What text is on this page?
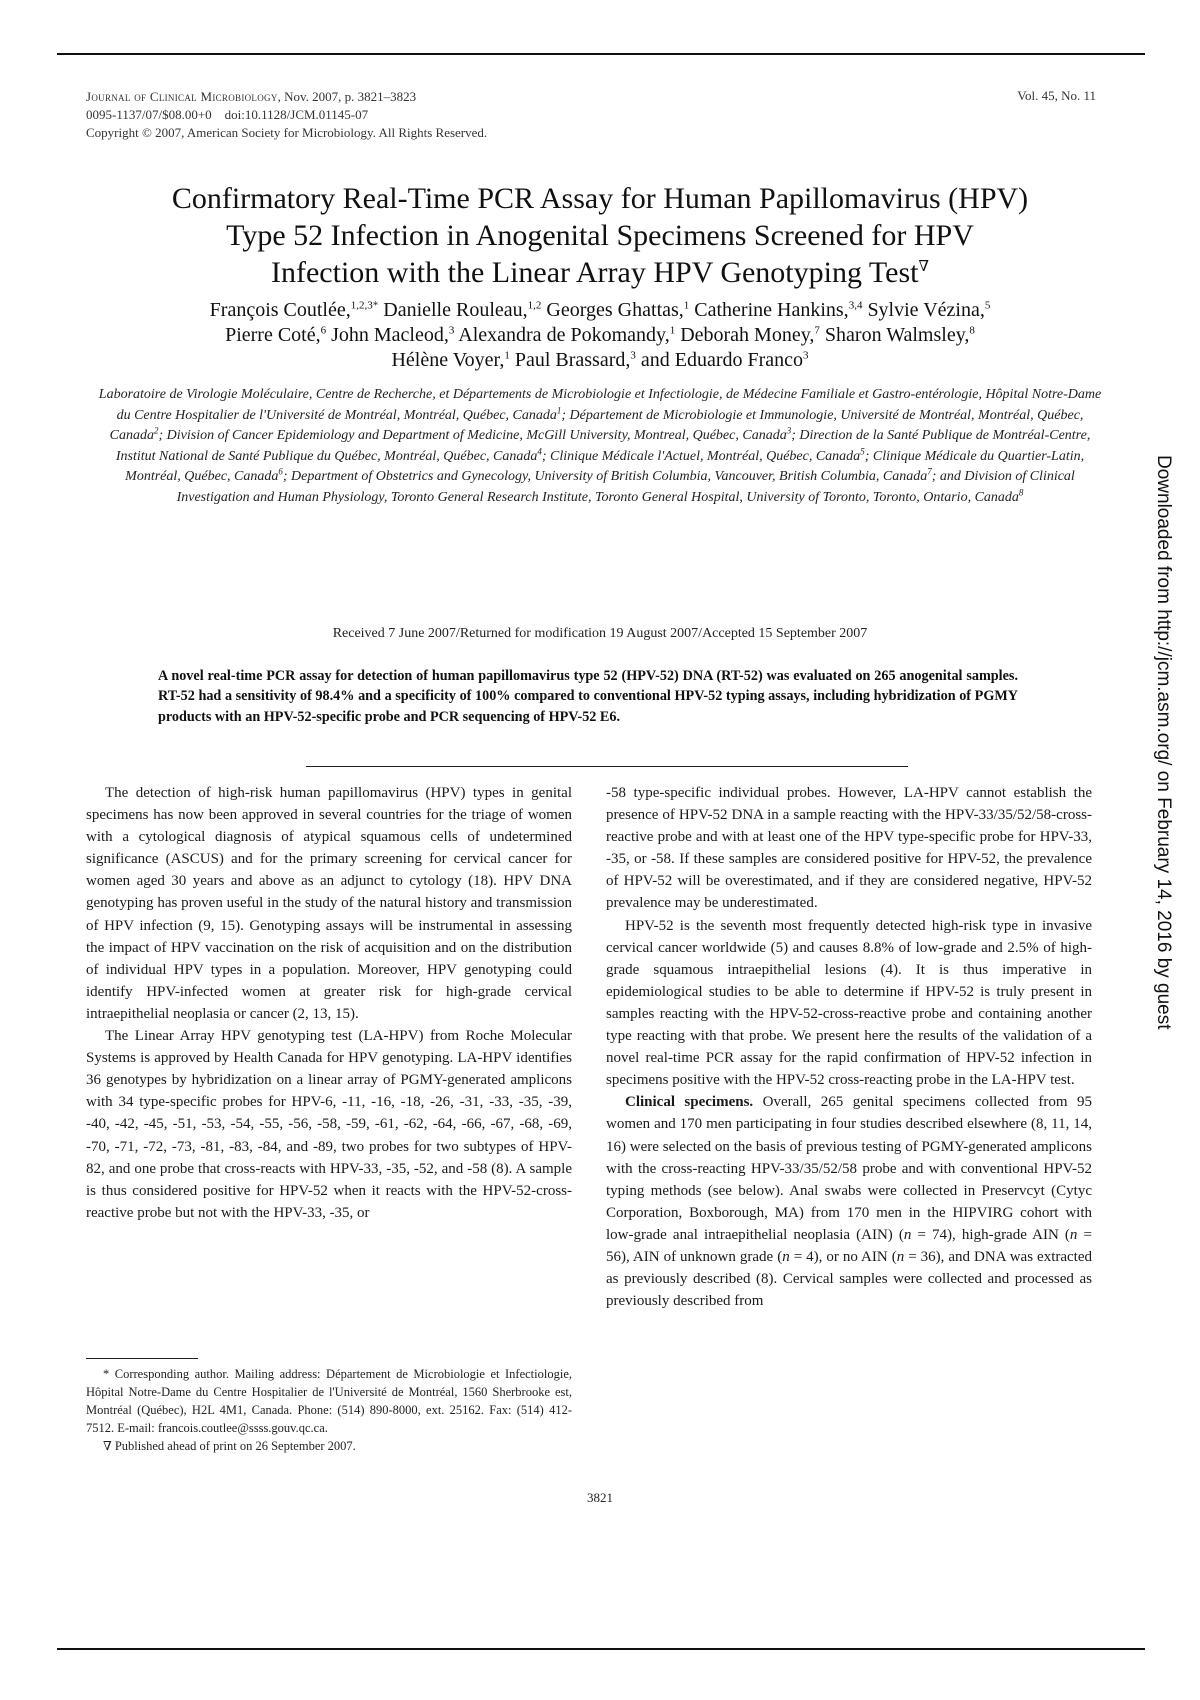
Journal of Clinical Microbiology, Nov. 2007, p. 3821–3823
0095-1137/07/$08.00+0    doi:10.1128/JCM.01145-07
Copyright © 2007, American Society for Microbiology. All Rights Reserved.
Vol. 45, No. 11
Confirmatory Real-Time PCR Assay for Human Papillomavirus (HPV)
Type 52 Infection in Anogenital Specimens Screened for HPV
Infection with the Linear Array HPV Genotyping Test∇
François Coutlée,$^{1,2,3*}$ Danielle Rouleau,$^{1,2}$ Georges Ghattas,$^1$ Catherine Hankins,$^{3,4}$ Sylvie Vézina,$^5$
Pierre Coté,$^6$ John Macleod,$^3$ Alexandra de Pokomandy,$^1$ Deborah Money,$^7$ Sharon Walmsley,$^8$
Hélène Voyer,$^1$ Paul Brassard,$^3$ and Eduardo Franco$^3$
Laboratoire de Virologie Moléculaire, Centre de Recherche, et Départements de Microbiologie et Infectiologie, de Médecine Familiale et Gastro-entérologie, Hôpital Notre-Dame du Centre Hospitalier de l'Université de Montréal, Montréal, Québec, Canada$^1$; Département de Microbiologie et Immunologie, Université de Montréal, Montréal, Québec, Canada$^2$; Division of Cancer Epidemiology and Department of Medicine, McGill University, Montreal, Québec, Canada$^3$; Direction de la Santé Publique de Montréal-Centre, Institut National de Santé Publique du Québec, Montréal, Québec, Canada$^4$; Clinique Médicale l'Actuel, Montréal, Québec, Canada$^5$; Clinique Médicale du Quartier-Latin, Montréal, Québec, Canada$^6$; Department of Obstetrics and Gynecology, University of British Columbia, Vancouver, British Columbia, Canada$^7$; and Division of Clinical Investigation and Human Physiology, Toronto General Research Institute, Toronto General Hospital, University of Toronto, Toronto, Ontario, Canada$^8$
Received 7 June 2007/Returned for modification 19 August 2007/Accepted 15 September 2007
A novel real-time PCR assay for detection of human papillomavirus type 52 (HPV-52) DNA (RT-52) was evaluated on 265 anogenital samples. RT-52 had a sensitivity of 98.4% and a specificity of 100% compared to conventional HPV-52 typing assays, including hybridization of PGMY products with an HPV-52-specific probe and PCR sequencing of HPV-52 E6.

The detection of high-risk human papillomavirus (HPV) types in genital specimens has now been approved in several countries for the triage of women with a cytological diagnosis of atypical squamous cells of undetermined significance (ASCUS) and for the primary screening for cervical cancer for women aged 30 years and above as an adjunct to cytology (18). HPV DNA genotyping has proven useful in the study of the natural history and transmission of HPV infection (9, 15). Genotyping assays will be instrumental in assessing the impact of HPV vaccination on the risk of acquisition and on the distribution of individual HPV types in a population. Moreover, HPV genotyping could identify HPV-infected women at greater risk for high-grade cervical intraepithelial neoplasia or cancer (2, 13, 15).

The Linear Array HPV genotyping test (LA-HPV) from Roche Molecular Systems is approved by Health Canada for HPV genotyping. LA-HPV identifies 36 genotypes by hybridization on a linear array of PGMY-generated amplicons with 34 type-specific probes for HPV-6, -11, -16, -18, -26, -31, -33, -35, -39, -40, -42, -45, -51, -53, -54, -55, -56, -58, -59, -61, -62, -64, -66, -67, -68, -69, -70, -71, -72, -73, -81, -83, -84, and -89, two probes for two subtypes of HPV-82, and one probe that cross-reacts with HPV-33, -35, -52, and -58 (8). A sample is thus considered positive for HPV-52 when it reacts with the HPV-52-cross-reactive probe but not with the HPV-33, -35, or

-58 type-specific individual probes. However, LA-HPV cannot establish the presence of HPV-52 DNA in a sample reacting with the HPV-33/35/52/58-cross-reactive probe and with at least one of the HPV type-specific probe for HPV-33, -35, or -58. If these samples are considered positive for HPV-52, the prevalence of HPV-52 will be overestimated, and if they are considered negative, HPV-52 prevalence may be underestimated.

HPV-52 is the seventh most frequently detected high-risk type in invasive cervical cancer worldwide (5) and causes 8.8% of low-grade and 2.5% of high-grade squamous intraepithelial lesions (4). It is thus imperative in epidemiological studies to be able to determine if HPV-52 is truly present in samples reacting with the HPV-52-cross-reactive probe and containing another type reacting with that probe. We present here the results of the validation of a novel real-time PCR assay for the rapid confirmation of HPV-52 infection in specimens positive with the HPV-52 cross-reacting probe in the LA-HPV test.

Clinical specimens. Overall, 265 genital specimens collected from 95 women and 170 men participating in four studies described elsewhere (8, 11, 14, 16) were selected on the basis of previous testing of PGMY-generated amplicons with the cross-reacting HPV-33/35/52/58 probe and with conventional HPV-52 typing methods (see below). Anal swabs were collected in Preservcyt (Cytyc Corporation, Boxborough, MA) from 170 men in the HIPVIRG cohort with low-grade anal intraepithelial neoplasia (AIN) (n = 74), high-grade AIN (n = 56), AIN of unknown grade (n = 4), or no AIN (n = 36), and DNA was extracted as previously described (8). Cervical samples were collected and processed as previously described from

* Corresponding author. Mailing address: Département de Microbiologie et Infectiologie, Hôpital Notre-Dame du Centre Hospitalier de l'Université de Montréal, 1560 Sherbrooke est, Montréal (Québec), H2L 4M1, Canada. Phone: (514) 890-8000, ext. 25162. Fax: (514) 412-7512. E-mail: francois.coutlee@ssss.gouv.qc.ca.

∇ Published ahead of print on 26 September 2007.

3821
Downloaded from http://jcm.asm.org/ on February 14, 2016 by guest
